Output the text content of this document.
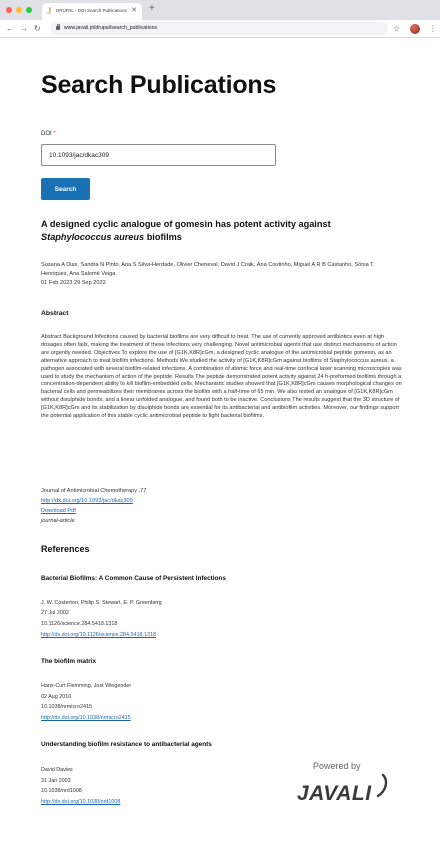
J	DRUPAL - DOI Search Publications ✕ +
← → ↻	www.javali.pt/drupal/search_publications	☆	⋮
Search Publications
DOI *
10.1093/jac/dkac309
Search
A designed cyclic analogue of gomesin has potent activity against Staphylococcus aureus biofilms
Susana A Dias, Sandra N Pinto, Ana S Silva-Herdade, Olivier Cheneval, David J Craik, Ana Coutinho, Miguel A R B Castanho, Sónia T Henriques, Ana Salomé Veiga
01 Feb 2023 29 Sep 2022
Abstract
Abstract Background Infections caused by bacterial biofilms are very difficult to treat. The use of currently approved antibiotics even at high dosages often fails, making the treatment of these infections very challenging. Novel antimicrobial agents that use distinct mechanisms of action are urgently needed. Objectives To explore the use of [G1K,K8R]cGm, a designed cyclic analogue of the antimicrobial peptide gomesin, as an alternative approach to treat biofilm infections. Methods We studied the activity of [G1K,K8R]cGm against biofilms of Staphylococcus aureus, a pathogen associated with several biofilm-related infections. A combination of atomic force and real-time confocal laser scanning microscopies was used to study the mechanism of action of the peptide. Results The peptide demonstrated potent activity against 24 h-preformed biofilms through a concentration-dependent ability to kill biofilm-embedded cells. Mechanistic studies showed that [G1K,K8R]cGm causes morphological changes on bacterial cells and permeabilizes their membranes across the biofilm with a half-time of 65 min. We also tested an analogue of [G1K,K8R]cGm without disulphide bonds, and a linear unfolded analogue, and found both to be inactive. Conclusions The results suggest that the 3D structure of [G1K,K8R]cGm and its stabilization by disulphide bonds are essential for its antibacterial and antibiofilm activities. Moreover, our findings support the potential application of this stable cyclic antimicrobial peptide to fight bacterial biofilms.
Journal of Antimicrobial Chemotherapy ,77
http://dx.doi.org/10.1093/jac/dkac309
Download Pdf
journal-article
References
Bacterial Biofilms: A Common Cause of Persistent Infections
J. W. Costerton, Philip S. Stewart, E. P. Greenberg
27 Jul 2002
10.1126/science.284.5418.1318
http://dx.doi.org/10.1126/science.284.5418.1318
The biofilm matrix
Hans-Curt Flemming, Jost Wingender
02 Aug 2010
10.1038/nrmicro2415
http://dx.doi.org/10.1038/nrmicro2415
Understanding biofilm resistance to antibacterial agents
David Davies
31 Jan 2003
10.1038/nrd1008
http://dx.doi.org/10.1038/nrd1008
Powered by
JAVALI
